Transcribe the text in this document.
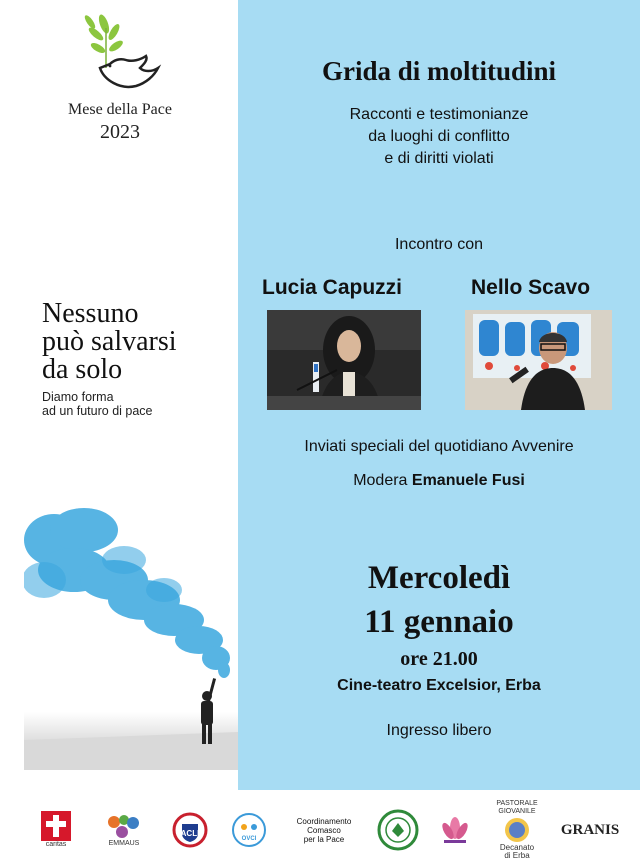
Mese della Pace
2023
Nessuno
può salvarsi
da solo
Diamo forma
ad un futuro di pace
Grida di moltitudini
Racconti e testimonianze
da luoghi di conflitto
e di diritti violati
Incontro con
Lucia Capuzzi	Nello Scavo
Inviati speciali del quotidiano Avvenire
Modera Emanuele Fusi
Mercoledì
11 gennaio
ore 21.00
Cine-teatro Excelsior, Erba
Ingresso libero
caritas	EMMAUS
ACLI
OVCI
Coordinamento
Comasco
per la Pace
PASTORALE GIOVANILE
Decanato
di Erba
GRANIS
